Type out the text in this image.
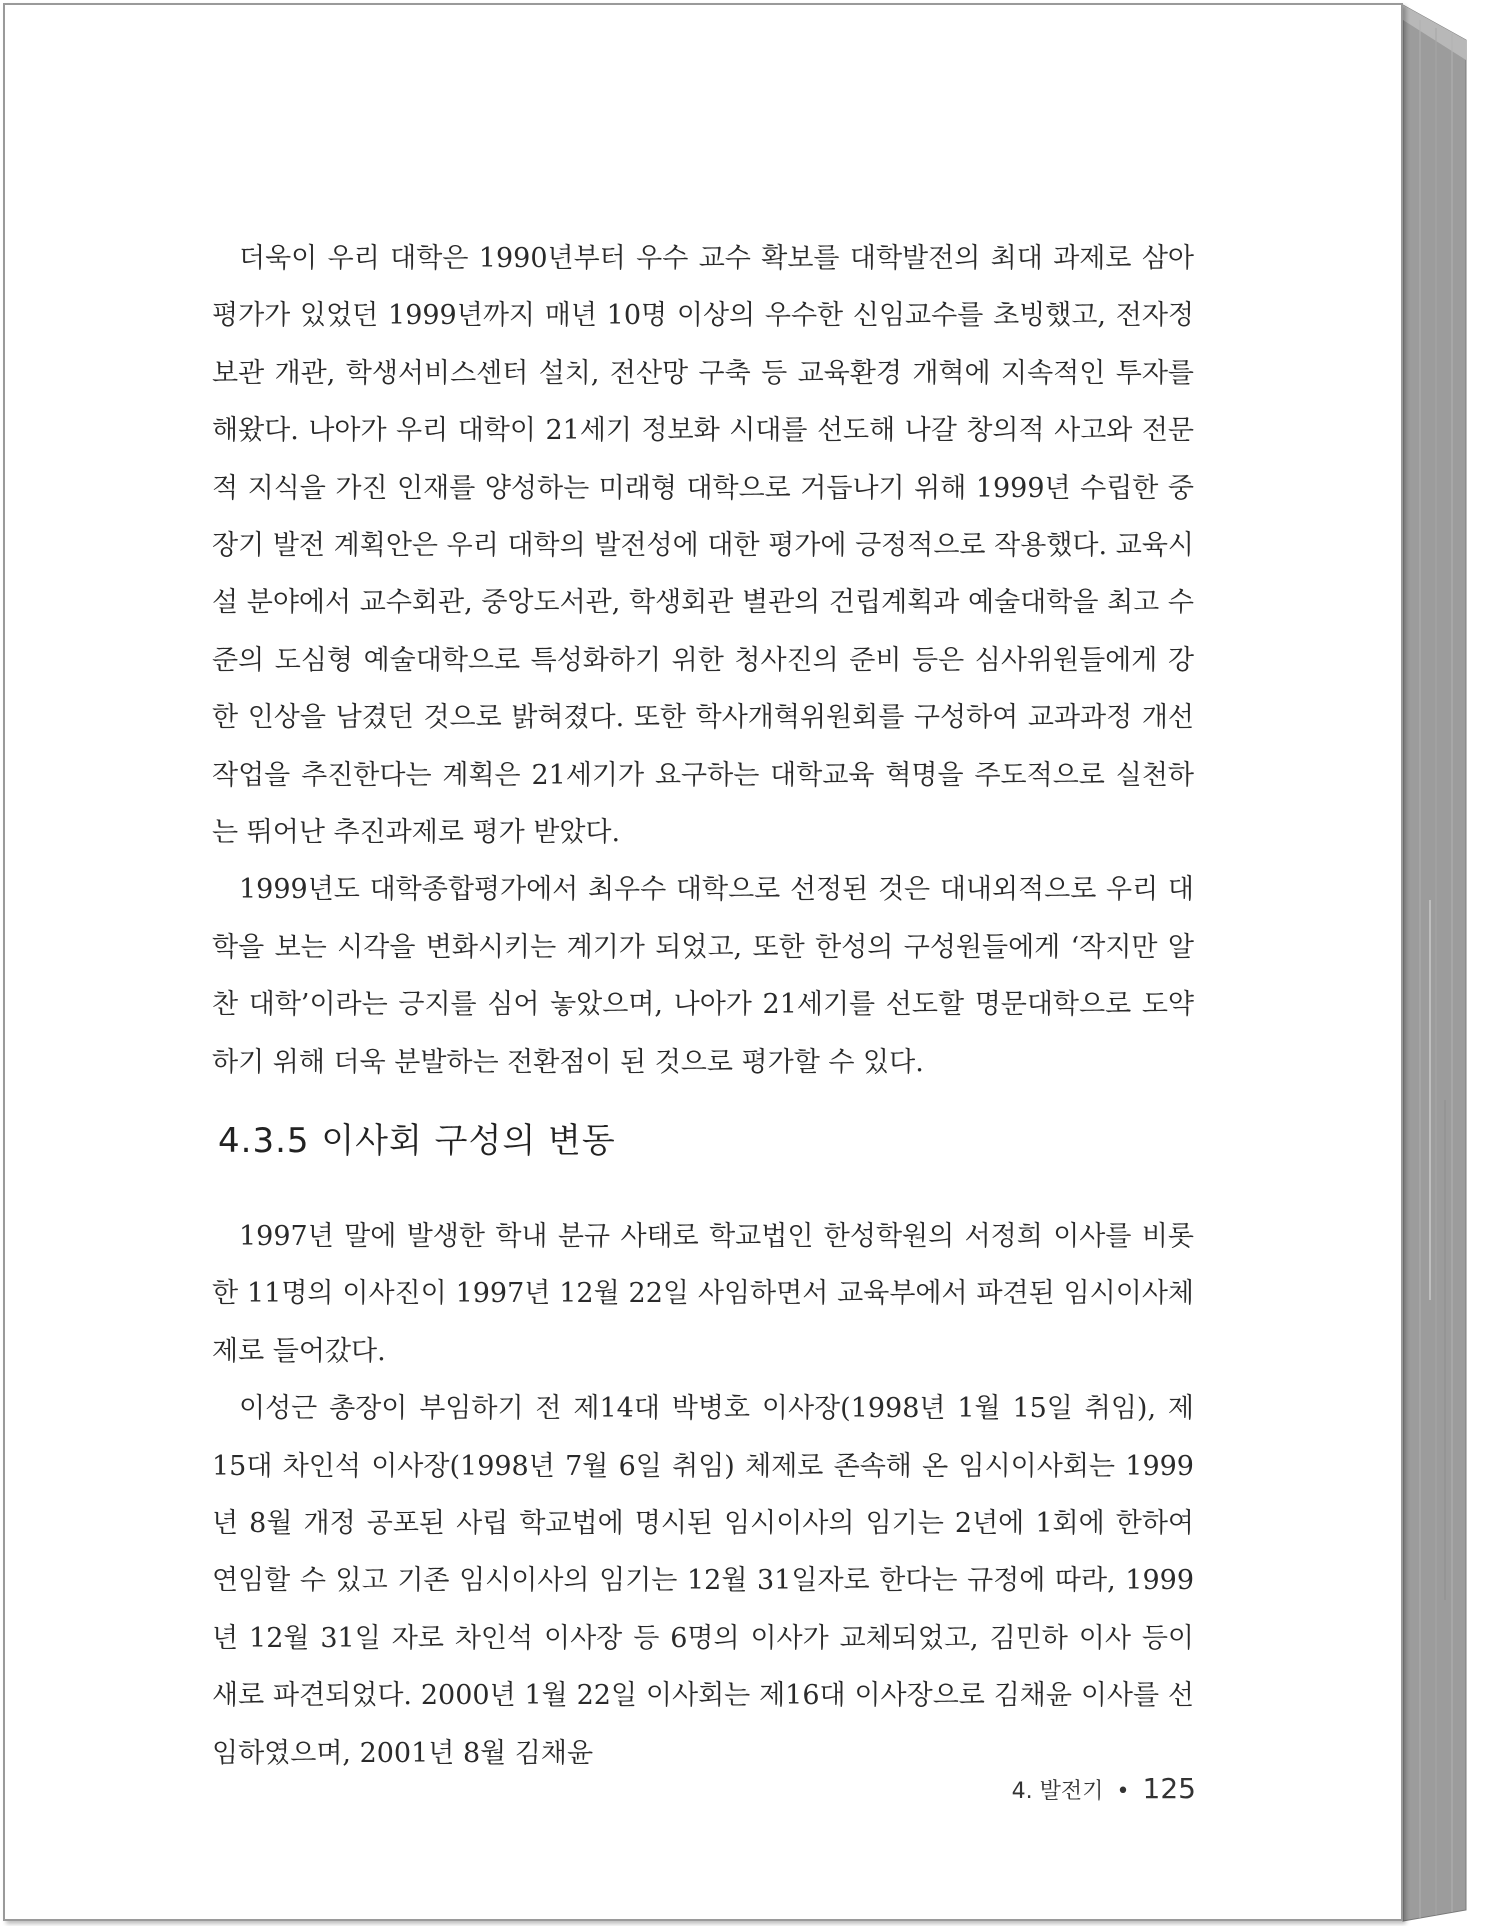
더욱이 우리 대학은 1990년부터 우수 교수 확보를 대학발전의 최대 과제로 삼아 평가가 있었던 1999년까지 매년 10명 이상의 우수한 신임교수를 초빙했고, 전자정보관 개관, 학생서비스센터 설치, 전산망 구축 등 교육환경 개혁에 지속적인 투자를 해왔다. 나아가 우리 대학이 21세기 정보화 시대를 선도해 나갈 창의적 사고와 전문적 지식을 가진 인재를 양성하는 미래형 대학으로 거듭나기 위해 1999년 수립한 중장기 발전 계획안은 우리 대학의 발전성에 대한 평가에 긍정적으로 작용했다. 교육시설 분야에서 교수회관, 중앙도서관, 학생회관 별관의 건립계획과 예술대학을 최고 수준의 도심형 예술대학으로 특성화하기 위한 청사진의 준비 등은 심사위원들에게 강한 인상을 남겼던 것으로 밝혀졌다. 또한 학사개혁위원회를 구성하여 교과과정 개선작업을 추진한다는 계획은 21세기가 요구하는 대학교육 혁명을 주도적으로 실천하는 뛰어난 추진과제로 평가 받았다.

1999년도 대학종합평가에서 최우수 대학으로 선정된 것은 대내외적으로 우리 대학을 보는 시각을 변화시키는 계기가 되었고, 또한 한성의 구성원들에게 ‘작지만 알찬 대학’이라는 긍지를 심어 놓았으며, 나아가 21세기를 선도할 명문대학으로 도약하기 위해 더욱 분발하는 전환점이 된 것으로 평가할 수 있다.

4.3.5 이사회 구성의 변동

1997년 말에 발생한 학내 분규 사태로 학교법인 한성학원의 서정희 이사를 비롯한 11명의 이사진이 1997년 12월 22일 사임하면서 교육부에서 파견된 임시이사체제로 들어갔다.

이성근 총장이 부임하기 전 제14대 박병호 이사장(1998년 1월 15일 취임), 제15대 차인석 이사장(1998년 7월 6일 취임) 체제로 존속해 온 임시이사회는 1999년 8월 개정 공포된 사립 학교법에 명시된 임시이사의 임기는 2년에 1회에 한하여 연임할 수 있고 기존 임시이사의 임기는 12월 31일자로 한다는 규정에 따라, 1999년 12월 31일 자로 차인석 이사장 등 6명의 이사가 교체되었고, 김민하 이사 등이 새로 파견되었다. 2000년 1월 22일 이사회는 제16대 이사장으로 김채윤 이사를 선임하였으며, 2001년 8월 김채윤

4. 발전기 • 125
